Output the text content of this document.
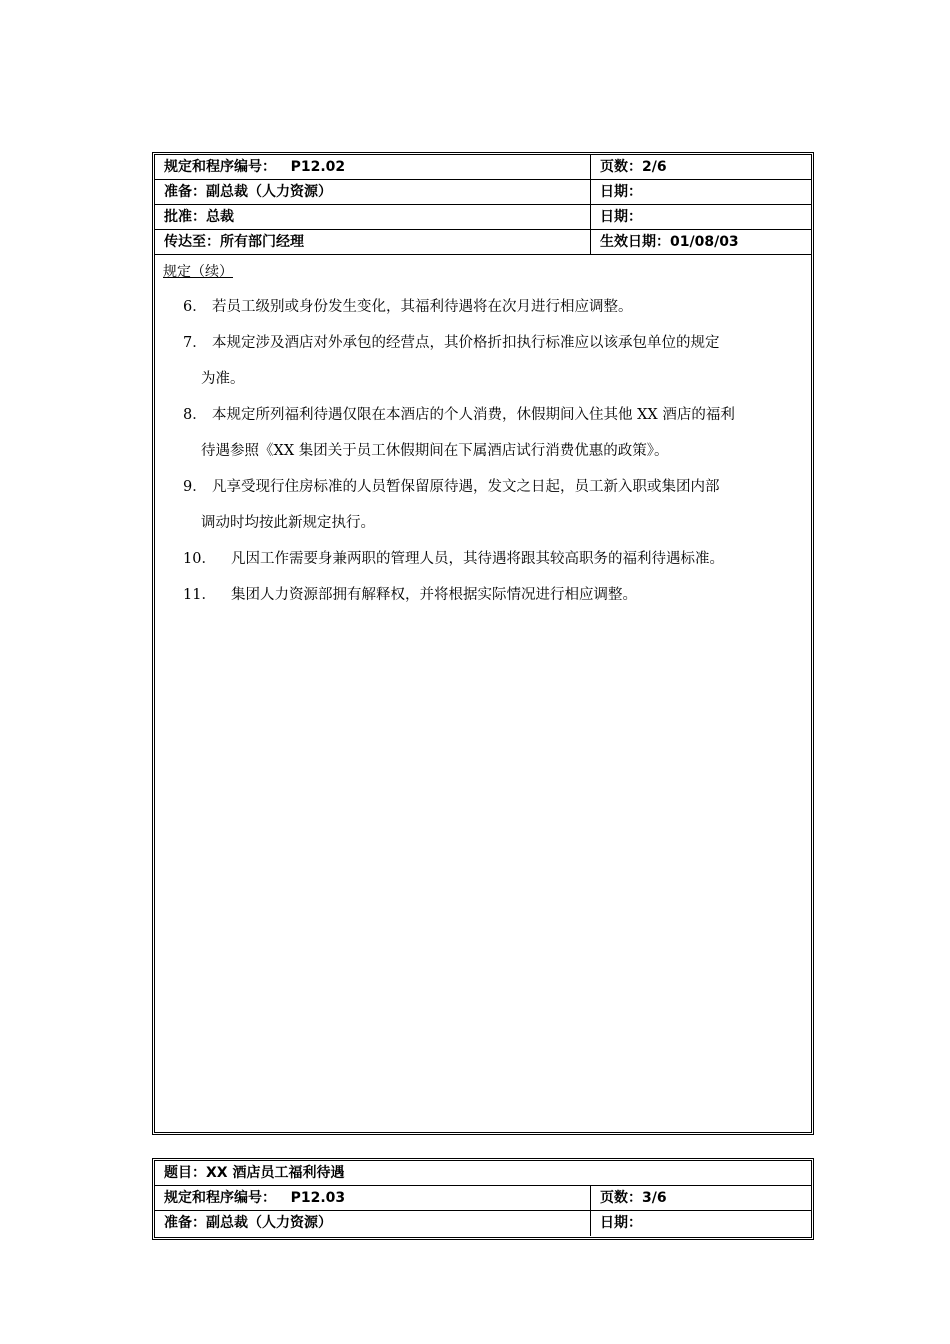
规定和程序编号：   P12.02	页数：2/6
准备：副总裁（人力资源）	日期：
批准：总裁	日期：
传达至：所有部门经理	生效日期：01/08/03
规定（续）
6． 若员工级别或身份发生变化，其福利待遇将在次月进行相应调整。
7． 本规定涉及酒店对外承包的经营点，其价格折扣执行标准应以该承包单位的规定
为准。
8． 本规定所列福利待遇仅限在本酒店的个人消费，休假期间入住其他 XX 酒店的福利
待遇参照《XX 集团关于员工休假期间在下属酒店试行消费优惠的政策》。
9． 凡享受现行住房标准的人员暂保留原待遇，发文之日起，员工新入职或集团内部
调动时均按此新规定执行。
10．	凡因工作需要身兼两职的管理人员，其待遇将跟其较高职务的福利待遇标准。
11．	集团人力资源部拥有解释权，并将根据实际情况进行相应调整。
题目：XX 酒店员工福利待遇
规定和程序编号：   P12.03	页数：3/6
准备：副总裁（人力资源）	日期：
